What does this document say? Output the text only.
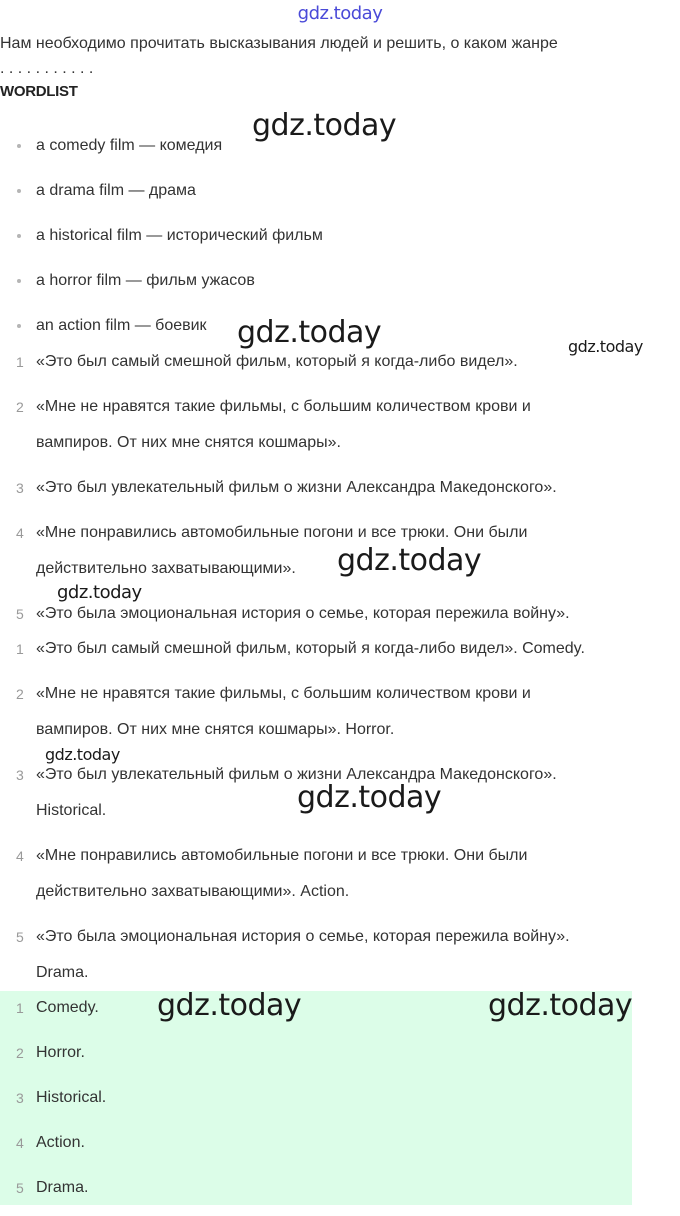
gdz.today
Нам необходимо прочитать высказывания людей и решить, о каком жанре
. . . . . . . . . . .
WORDLIST
a comedy film — комедия
a drama film — драма
a historical film — исторический фильм
a horror film — фильм ужасов
an action film — боевик
1 «Это был самый смешной фильм, который я когда-либо видел».
2 «Мне не нравятся такие фильмы, с большим количеством крови и
вампиров. От них мне снятся кошмары».
3 «Это был увлекательный фильм о жизни Александра Македонского».
4 «Мне понравились автомобильные погони и все трюки. Они были
действительно захватывающими».
5 «Это была эмоциональная история о семье, которая пережила войну».
1 «Это был самый смешной фильм, который я когда-либо видел». Comedy.
2 «Мне не нравятся такие фильмы, с большим количеством крови и
вампиров. От них мне снятся кошмары». Horror.
3 «Это был увлекательный фильм о жизни Александра Македонского».
Historical.
4 «Мне понравились автомобильные погони и все трюки. Они были
действительно захватывающими». Action.
5 «Это была эмоциональная история о семье, которая пережила войну».
Drama.
1 Comedy.
2 Horror.
3 Historical.
4 Action.
5 Drama.
gdz.today
gdz.today	gdz.today
gdz.today
gdz.today
gdz.today
gdz.today
gdz.today	gdz.today
